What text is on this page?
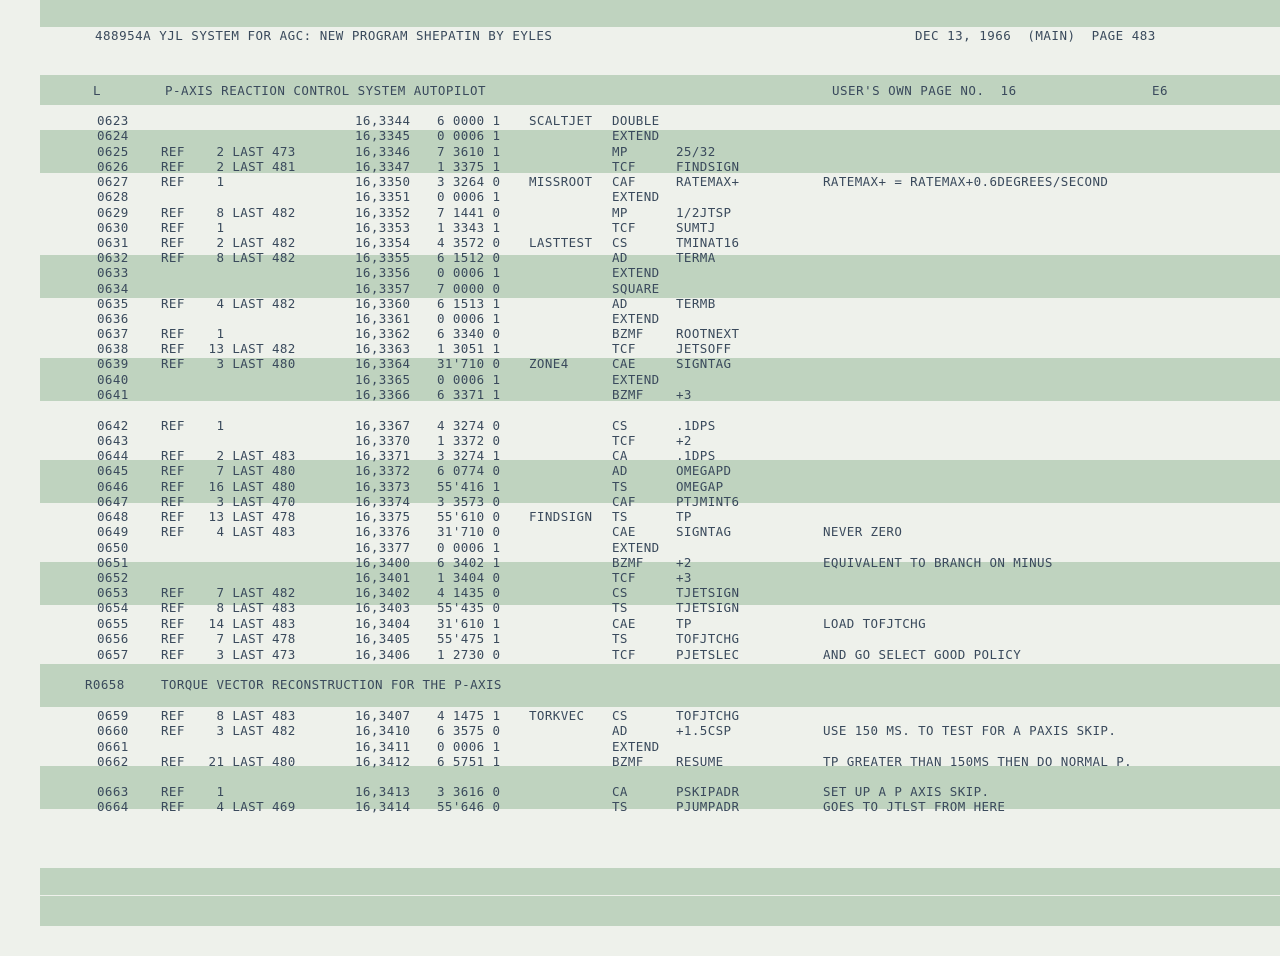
488954A YJL SYSTEM FOR AGC: NEW PROGRAM SHEPATIN BY EYLES	DEC 13, 1966  (MAIN)  PAGE 483
L	P-AXIS REACTION CONTROL SYSTEM AUTOPILOT	USER'S OWN PAGE NO.  16	E6
0623	16,3344 6 0000 1 SCALTJET DOUBLE
0624	16,3345 0 0006 1	EXTEND
0625	REF    2 LAST 473	16,3346 7 3610 1	MP	25/32
0626	REF    2 LAST 481	16,3347 1 3375 1	TCF	FINDSIGN
0627	REF    1	16,3350 3 3264 0 MISSROOT CAF	RATEMAX+	RATEMAX+ = RATEMAX+0.6DEGREES/SECOND
0628	16,3351 0 0006 1	EXTEND
0629	REF    8 LAST 482	16,3352 7 1441 0	MP	1/2JTSP
0630	REF    1	16,3353 1 3343 1	TCF	SUMTJ
0631	REF    2 LAST 482	16,3354 4 3572 0 LASTTEST CS	TMINAT16
0632	REF    8 LAST 482	16,3355 6 1512 0	AD	TERMA
0633	16,3356 0 0006 1	EXTEND
0634	16,3357 7 0000 0	SQUARE
0635	REF    4 LAST 482	16,3360 6 1513 1	AD	TERMB
0636	16,3361 0 0006 1	EXTEND
0637	REF    1	16,3362 6 3340 0	BZMF	ROOTNEXT
0638	REF   13 LAST 482	16,3363 1 3051 1	TCF	JETSOFF
0639	REF    3 LAST 480	16,3364 31'710 0 ZONE4	CAE	SIGNTAG
0640	16,3365 0 0006 1	EXTEND
0641	16,3366 6 3371 1	BZMF	+3
0642	REF    1	16,3367 4 3274 0	CS	.1DPS
0643	16,3370 1 3372 0	TCF	+2
0644	REF    2 LAST 483	16,3371 3 3274 1	CA	.1DPS
0645	REF    7 LAST 480	16,3372 6 0774 0	AD	OMEGAPD
0646	REF   16 LAST 480	16,3373 55'416 1	TS	OMEGAP
0647	REF    3 LAST 470	16,3374 3 3573 0	CAF	PTJMINT6
0648	REF   13 LAST 478	16,3375 55'610 0 FINDSIGN TS	TP
0649	REF    4 LAST 483	16,3376 31'710 0	CAE	SIGNTAG	NEVER ZERO
0650	16,3377 0 0006 1	EXTEND
0651	16,3400 6 3402 1	BZMF	+2	EQUIVALENT TO BRANCH ON MINUS
0652	16,3401 1 3404 0	TCF	+3
0653	REF    7 LAST 482	16,3402 4 1435 0	CS	TJETSIGN
0654	REF    8 LAST 483	16,3403 55'435 0	TS	TJETSIGN
0655	REF   14 LAST 483	16,3404 31'610 1	CAE	TP	LOAD TOFJTCHG
0656	REF    7 LAST 478	16,3405 55'475 1	TS	TOFJTCHG
0657	REF    3 LAST 473	16,3406 1 2730 0	TCF	PJETSLEC	AND GO SELECT GOOD POLICY
R0658	TORQUE VECTOR RECONSTRUCTION FOR THE P-AXIS
0659	REF    8 LAST 483	16,3407 4 1475 1 TORKVEC CS	TOFJTCHG
0660	REF    3 LAST 482	16,3410 6 3575 0	AD	+1.5CSP	USE 150 MS. TO TEST FOR A PAXIS SKIP.
0661	16,3411 0 0006 1	EXTEND
0662	REF   21 LAST 480	16,3412 6 5751 1	BZMF	RESUME	TP GREATER THAN 150MS THEN DO NORMAL P.
0663	REF    1	16,3413 3 3616 0	CA	PSKIPADR	SET UP A P AXIS SKIP.
0664	REF    4 LAST 469	16,3414 55'646 0	TS	PJUMPADR	GOES TO JTLST FROM HERE
